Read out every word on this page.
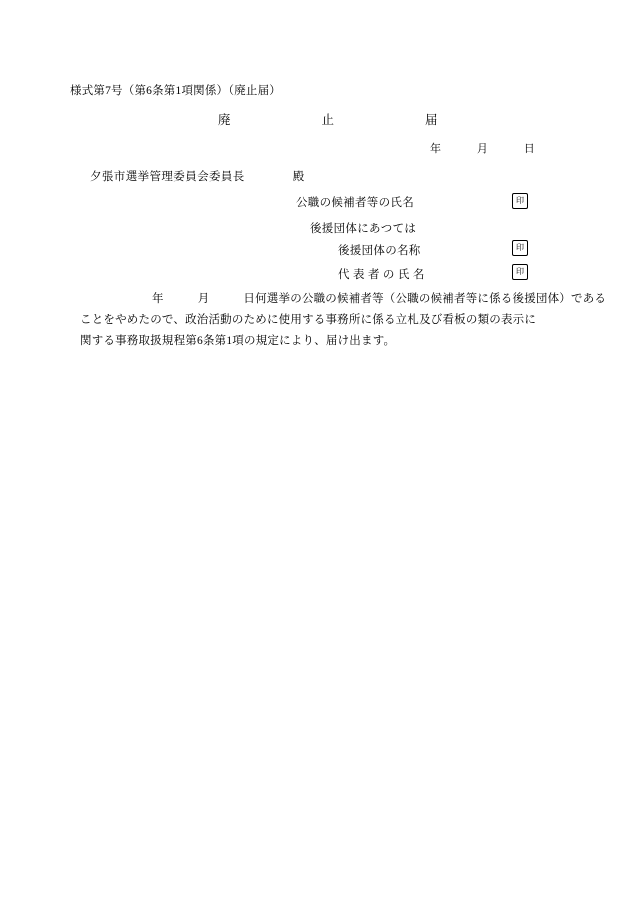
様式第7号（第6条第1項関係）（廃止届）
廃	止	届
年	月	日
夕張市選挙管理委員会委員長	殿
公職の候補者等の氏名	印
後援団体にあつては
後援団体の名称	印
代 表 者 の 氏 名	印
年	月	日何選挙の公職の候補者等（公職の候補者等に係る後援団体）である
ことをやめたので、政治活動のために使用する事務所に係る立札及び看板の類の表示に
関する事務取扱規程第6条第1項の規定により、届け出ます。
